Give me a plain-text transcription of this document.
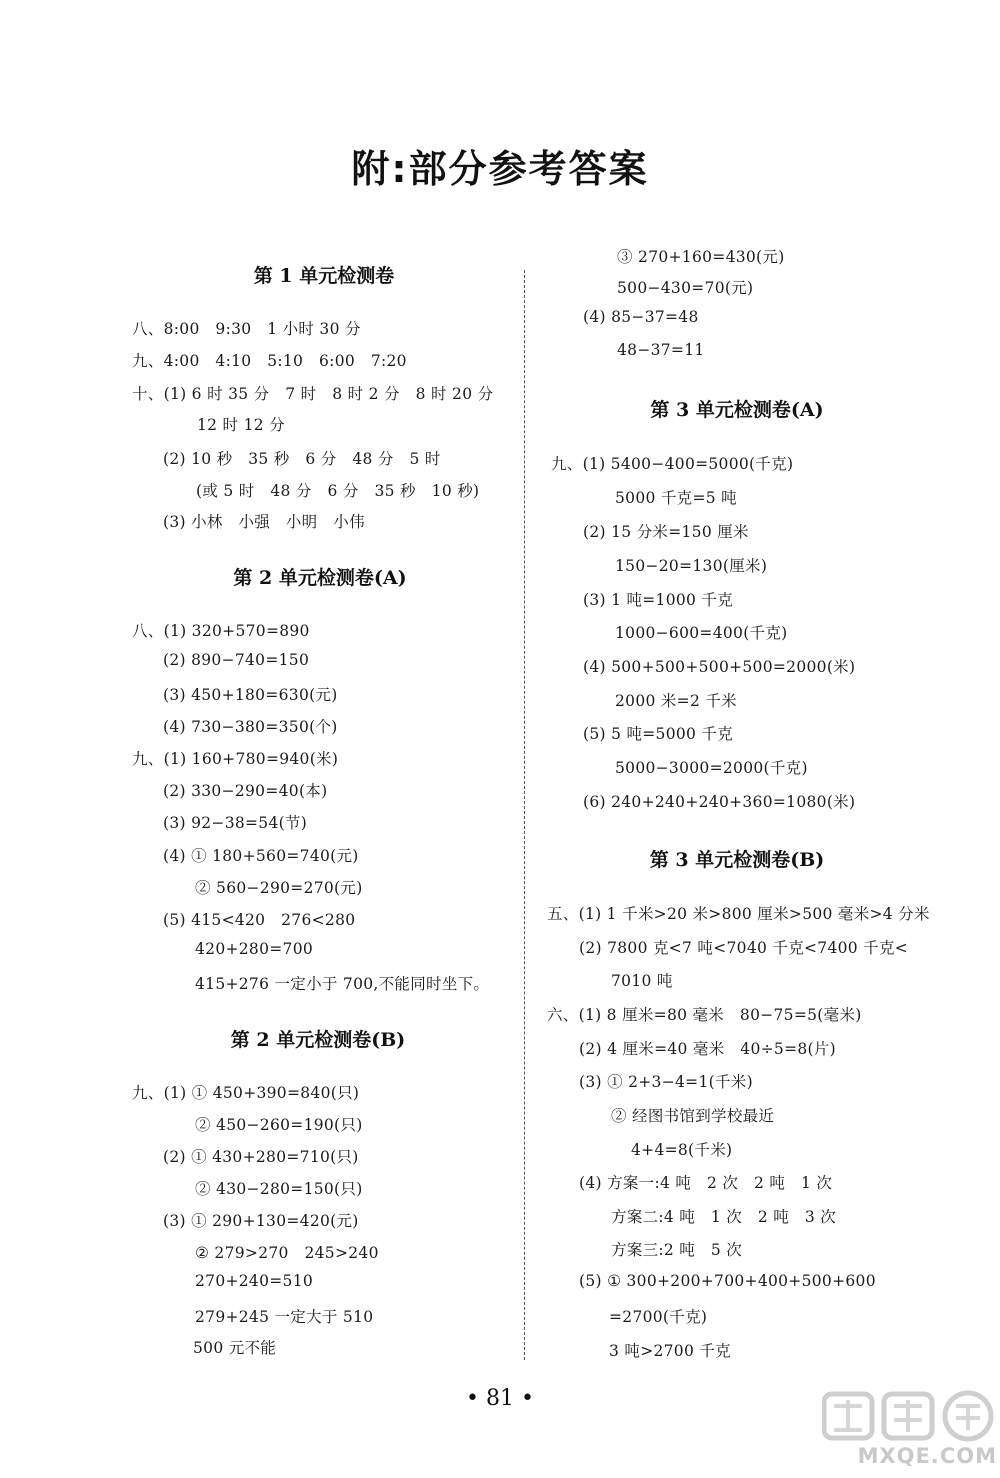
附:部分参考答案
第 1 单元检测卷
八、8:00　9:30　1 小时 30 分
九、4:00　4:10　5:10　6:00　7:20
十、(1) 6 时 35 分　7 时　8 时 2 分　8 时 20 分
12 时 12 分
(2) 10 秒　35 秒　6 分　48 分　5 时
(或 5 时　48 分　6 分　35 秒　10 秒)
(3) 小林　小强　小明　小伟
第 2 单元检测卷(A)
八、(1) 320+570=890
(2) 890−740=150
(3) 450+180=630(元)
(4) 730−380=350(个)
九、(1) 160+780=940(米)
(2) 330−290=40(本)
(3) 92−38=54(节)
(4) ① 180+560=740(元)
② 560−290=270(元)
(5) 415<420　276<280
420+280=700
415+276 一定小于 700,不能同时坐下。
第 2 单元检测卷(B)
九、(1) ① 450+390=840(只)
② 450−260=190(只)
(2) ① 430+280=710(只)
② 430−280=150(只)
(3) ① 290+130=420(元)
② 279>270　245>240
270+240=510
279+245 一定大于 510
500 元不能
③ 270+160=430(元)
500−430=70(元)
(4) 85−37=48
48−37=11
第 3 单元检测卷(A)
九、(1) 5400−400=5000(千克)
5000 千克=5 吨
(2) 15 分米=150 厘米
150−20=130(厘米)
(3) 1 吨=1000 千克
1000−600=400(千克)
(4) 500+500+500+500=2000(米)
2000 米=2 千米
(5) 5 吨=5000 千克
5000−3000=2000(千克)
(6) 240+240+240+360=1080(米)
第 3 单元检测卷(B)
五、(1) 1 千米>20 米>800 厘米>500 毫米>4 分米
(2) 7800 克<7 吨<7040 千克<7400 千克<
7010 吨
六、(1) 8 厘米=80 毫米　80−75=5(毫米)
(2) 4 厘米=40 毫米　40÷5=8(片)
(3) ① 2+3−4=1(千米)
② 经图书馆到学校最近
4+4=8(千米)
(4) 方案一:4 吨　2 次　2 吨　1 次
方案二:4 吨　1 次　2 吨　3 次
方案三:2 吨　5 次
(5) ① 300+200+700+400+500+600
=2700(千克)
3 吨>2700 千克
• 81 •
MXQE.COM
